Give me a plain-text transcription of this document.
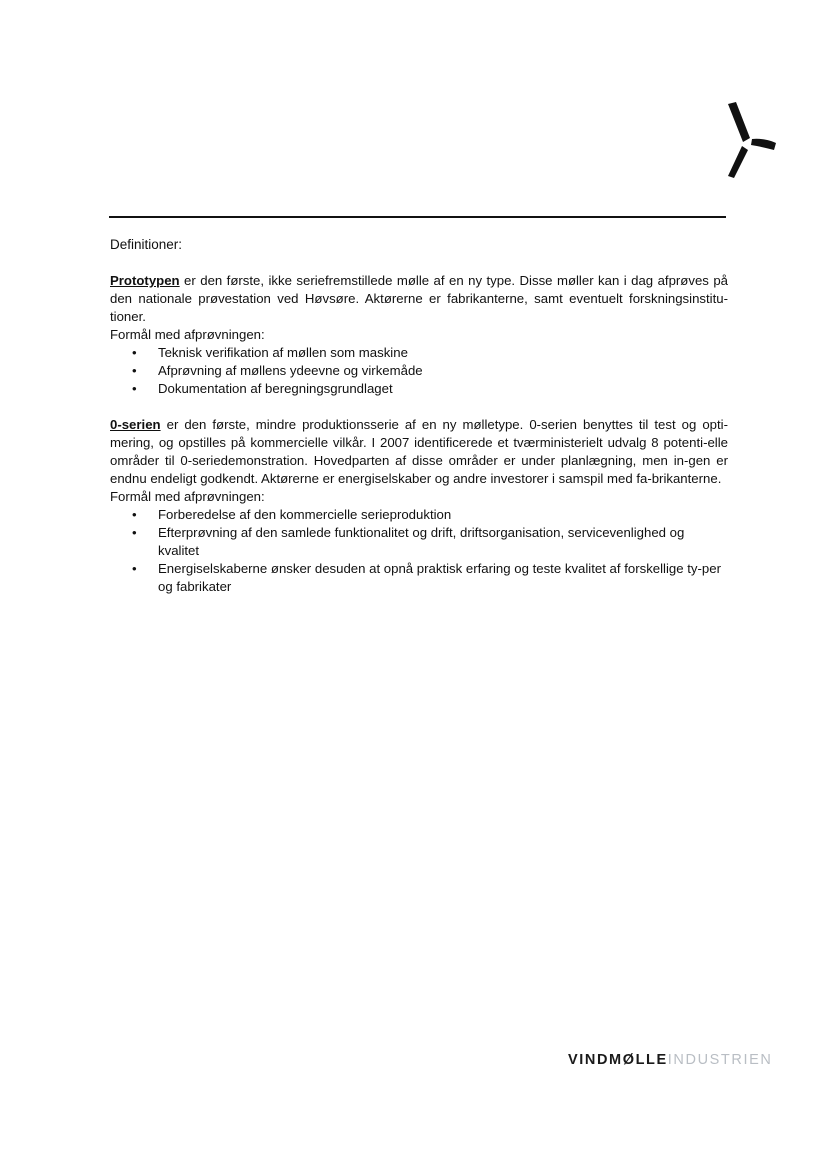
Definitioner:

Prototypen er den første, ikke seriefremstillede mølle af en ny type. Disse møller kan i dag afprøves på den nationale prøvestation ved Høvsøre. Aktørerne er fabrikanterne, samt eventuelt forskningsinstitu-tioner.

Formål med afprøvningen:

• Teknisk verifikation af møllen som maskine
• Afprøvning af møllens ydeevne og virkemåde
• Dokumentation af beregningsgrundlaget

0-serien er den første, mindre produktionsserie af en ny mølletype. 0-serien benyttes til test og opti-mering, og opstilles på kommercielle vilkår. I 2007 identificerede et tværministerielt udvalg 8 potenti-elle områder til 0-seriedemonstration. Hovedparten af disse områder er under planlægning, men in-gen er endnu endeligt godkendt. Aktørerne er energiselskaber og andre investorer i samspil med fa-brikanterne.

Formål med afprøvningen:

• Forberedelse af den kommercielle serieproduktion
• Efterprøvning af den samlede funktionalitet og drift, driftsorganisation, servicevenlighed og kvalitet
• Energiselskaberne ønsker desuden at opnå praktisk erfaring og teste kvalitet af forskellige ty-per og fabrikater
VINDMØLLEINDUSTRIEN
